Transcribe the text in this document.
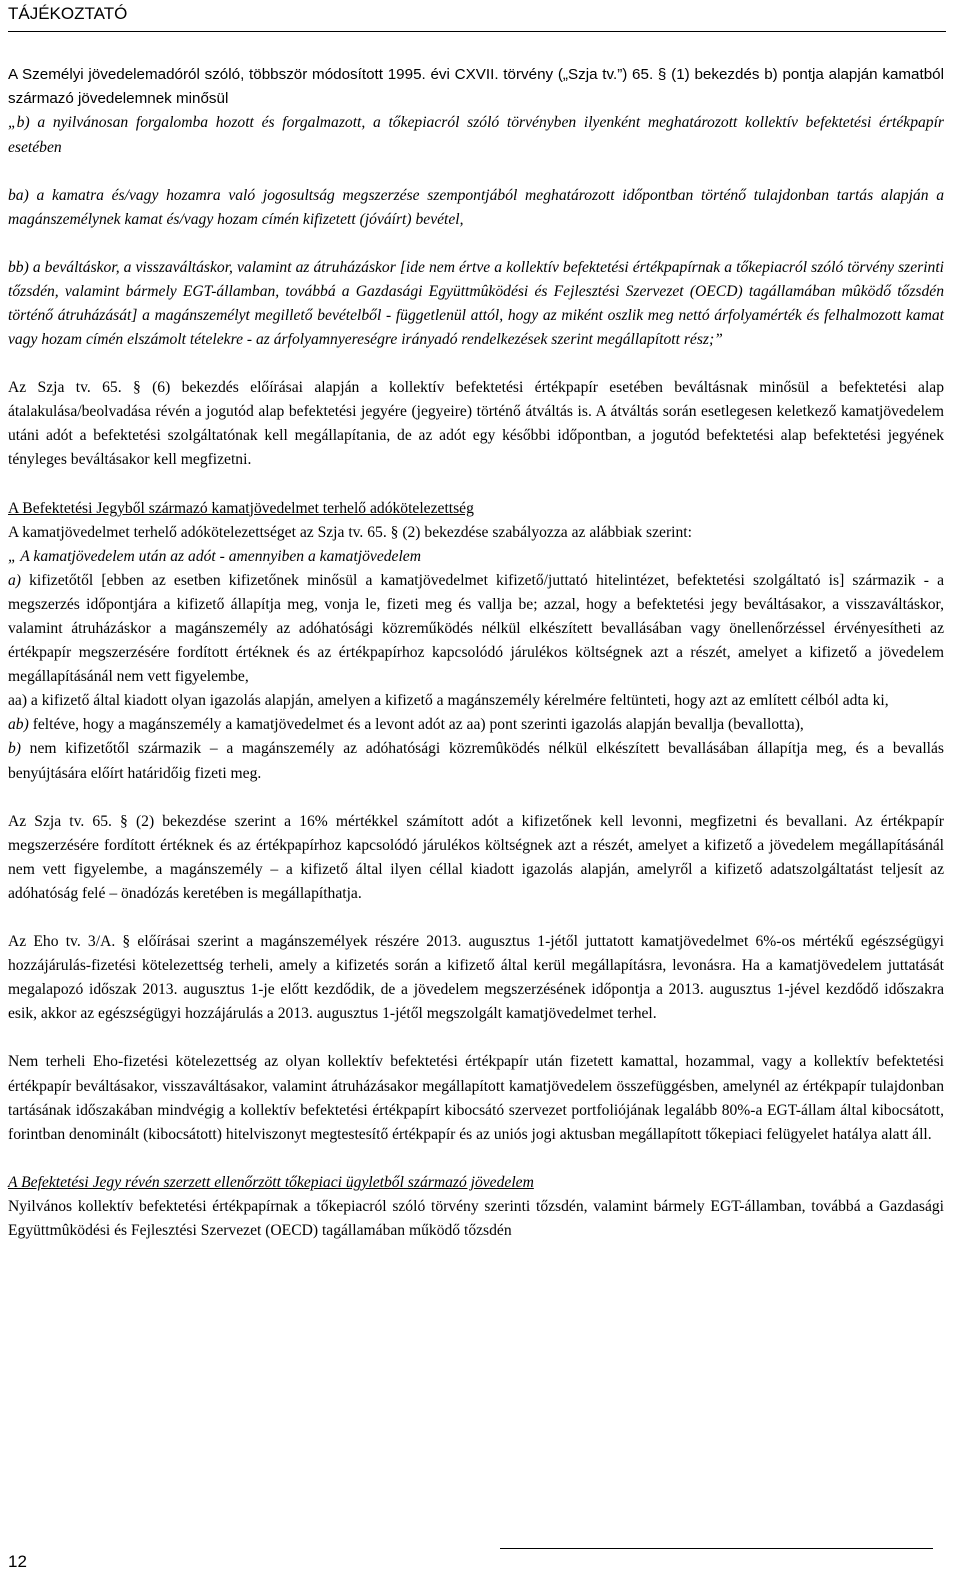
TÁJÉKOZTATÓ

A Személyi jövedelemadóról szóló, többször módosított 1995. évi CXVII. törvény („Szja tv.”) 65. § (1) bekezdés b) pontja alapján kamatból származó jövedelemnek minősül

„b) a nyilvánosan forgalomba hozott és forgalmazott, a tőkepiacról szóló törvényben ilyenként meghatározott kollektív befektetési értékpapír esetében

ba) a kamatra és/vagy hozamra való jogosultság megszerzése szempontjából meghatározott időpontban történő tulajdonban tartás alapján a magánszemélynek kamat és/vagy hozam címén kifizetett (jóváírt) bevétel,

bb) a beváltáskor, a visszaváltáskor, valamint az átruházáskor [ide nem értve a kollektív befektetési értékpapírnak a tőkepiacról szóló törvény szerinti tőzsdén, valamint bármely EGT-államban, továbbá a Gazdasági Együttmûködési és Fejlesztési Szervezet (OECD) tagállamában mûködő tőzsdén történő átruházását] a magánszemélyt megillető bevételből - függetlenül attól, hogy az miként oszlik meg nettó árfolyamérték és felhalmozott kamat vagy hozam címén elszámolt tételekre - az árfolyamnyereségre irányadó rendelkezések szerint megállapított rész;”

Az Szja tv. 65. § (6) bekezdés előírásai alapján a kollektív befektetési értékpapír esetében beváltásnak minősül a befektetési alap átalakulása/beolvadása révén a jogutód alap befektetési jegyére (jegyeire) történő átváltás is. A átváltás során esetlegesen keletkező kamatjövedelem utáni adót a befektetési szolgáltatónak kell megállapítania, de az adót egy későbbi időpontban, a jogutód befektetési alap befektetési jegyének tényleges beváltásakor kell megfizetni.

A Befektetési Jegyből származó kamatjövedelmet terhelő adókötelezettség

A kamatjövedelmet terhelő adókötelezettséget az Szja tv. 65. § (2) bekezdése szabályozza az alábbiak szerint:

„ A kamatjövedelem után az adót - amennyiben a kamatjövedelem

a) kifizetőtől [ebben az esetben kifizetőnek minősül a kamatjövedelmet kifizető/juttató hitelintézet, befektetési szolgáltató is] származik - a megszerzés időpontjára a kifizető állapítja meg, vonja le, fizeti meg és vallja be; azzal, hogy a befektetési jegy beváltásakor, a visszaváltáskor, valamint átruházáskor a magánszemély az adóhatósági közreműködés nélkül elkészített bevallásában vagy önellenőrzéssel érvényesítheti az értékpapír megszerzésére fordított értéknek és az értékpapírhoz kapcsolódó járulékos költségnek azt a részét, amelyet a kifizető a jövedelem megállapításánál nem vett figyelembe,

aa) a kifizető által kiadott olyan igazolás alapján, amelyen a kifizető a magánszemély kérelmére feltünteti, hogy azt az említett célból adta ki,

ab) feltéve, hogy a magánszemély a kamatjövedelmet és a levont adót az aa) pont szerinti igazolás alapján bevallja (bevallotta),

b) nem kifizetőtől származik – a magánszemély az adóhatósági közremûködés nélkül elkészített bevallásában állapítja meg, és a bevallás benyújtására előírt határidőig fizeti meg.

Az Szja tv. 65. § (2) bekezdése szerint a 16% mértékkel számított adót a kifizetőnek kell levonni, megfizetni és bevallani. Az értékpapír megszerzésére fordított értéknek és az értékpapírhoz kapcsolódó járulékos költségnek azt a részét, amelyet a kifizető a jövedelem megállapításánál nem vett figyelembe, a magánszemély – a kifizető által ilyen céllal kiadott igazolás alapján, amelyről a kifizető adatszolgáltatást teljesít az adóhatóság felé – önadózás keretében is megállapíthatja.

Az Eho tv. 3/A. § előírásai szerint a magánszemélyek részére 2013. augusztus 1-jétől juttatott kamatjövedelmet 6%-os mértékű egészségügyi hozzájárulás-fizetési kötelezettség terheli, amely a kifizetés során a kifizető által kerül megállapításra, levonásra. Ha a kamatjövedelem juttatását megalapozó időszak 2013. augusztus 1-je előtt kezdődik, de a jövedelem megszerzésének időpontja a 2013. augusztus 1-jével kezdődő időszakra esik, akkor az egészségügyi hozzájárulás a 2013. augusztus 1-jétől megszolgált kamatjövedelmet terhel.

Nem terheli Eho-fizetési kötelezettség az olyan kollektív befektetési értékpapír után fizetett kamattal, hozammal, vagy a kollektív befektetési értékpapír beváltásakor, visszaváltásakor, valamint átruházásakor megállapított kamatjövedelem összefüggésben, amelynél az értékpapír tulajdonban tartásának időszakában mindvégig a kollektív befektetési értékpapírt kibocsátó szervezet portfoliójának legalább 80%-a EGT-állam által kibocsátott, forintban denominált (kibocsátott) hitelviszonyt megtestesítő értékpapír és az uniós jogi aktusban megállapított tőkepiaci felügyelet hatálya alatt áll.

A Befektetési Jegy révén szerzett ellenőrzött tőkepiaci ügyletből származó jövedelem

Nyilvános kollektív befektetési értékpapírnak a tőkepiacról szóló törvény szerinti tőzsdén, valamint bármely EGT-államban, továbbá a Gazdasági Együttmûködési és Fejlesztési Szervezet (OECD) tagállamában működő tőzsdén

12
